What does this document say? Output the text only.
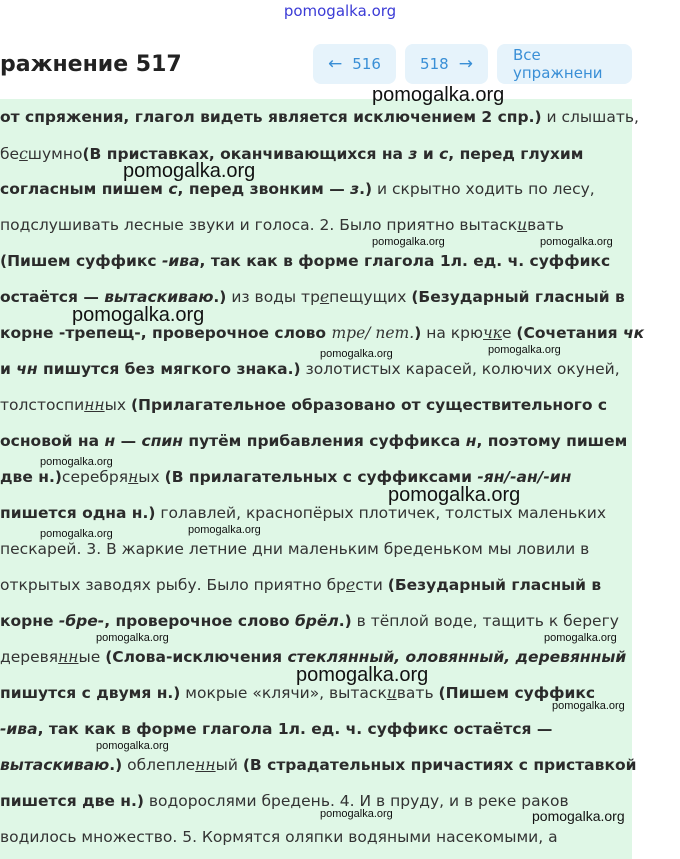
pomogalka.org
ражнение 517	← 516	518 →	Все упражнени
от спряжения, глагол видеть является исключением 2 спр.) и слышать,
бесшумно(В приставках, оканчивающихся на з и с, перед глухим
согласным пишем с, перед звонким — з.) и скрытно ходить по лесу,
подслушивать лесные звуки и голоса. 2. Было приятно вытаскивать
(Пишем суффикс -ива, так как в форме глагола 1л. ед. ч. суффикс
остаётся — вытаскиваю.) из воды трепещущих (Безударный гласный в
корне -трепещ-, проверочное слово тре/ пет.) на крючке (Сочетания чк
и чн пишутся без мягкого знака.) золотистых карасей, колючих окуней,
толстоспинных (Прилагательное образовано от существительного с
основой на н — спин путём прибавления суффикса н, поэтому пишем
две н.)серебряных (В прилагательных с суффиксами -ян/-ан/-ин
пишется одна н.) голавлей, краснопёрых плотичек, толстых маленьких
пескарей. 3. В жаркие летние дни маленьким бреденьком мы ловили в
открытых заводях рыбу. Было приятно брести (Безударный гласный в
корне -бре-, проверочное слово брёл.) в тёплой воде, тащить к берегу
деревянные (Слова-исключения стеклянный, оловянный, деревянный
пишутся с двумя н.) мокрые «клячи», вытаскивать (Пишем суффикс
-ива, так как в форме глагола 1л. ед. ч. суффикс остаётся —
вытаскиваю.) облепленный (В страдательных причастиях с приставкой
пишется две н.) водорослями бредень. 4. И в пруду, и в реке раков
водилось множество. 5. Кормятся оляпки водяными насекомыми, а
pomogalka.org
pomogalka.org
pomogalka.org	pomogalka.org
pomogalka.org
pomogalka.org	pomogalka.org
pomogalka.org
pomogalka.org
pomogalka.org	pomogalka.org
pomogalka.org	pomogalka.org
pomogalka.org
pomogalka.org
pomogalka.org
pomogalka.org	pomogalka.org
